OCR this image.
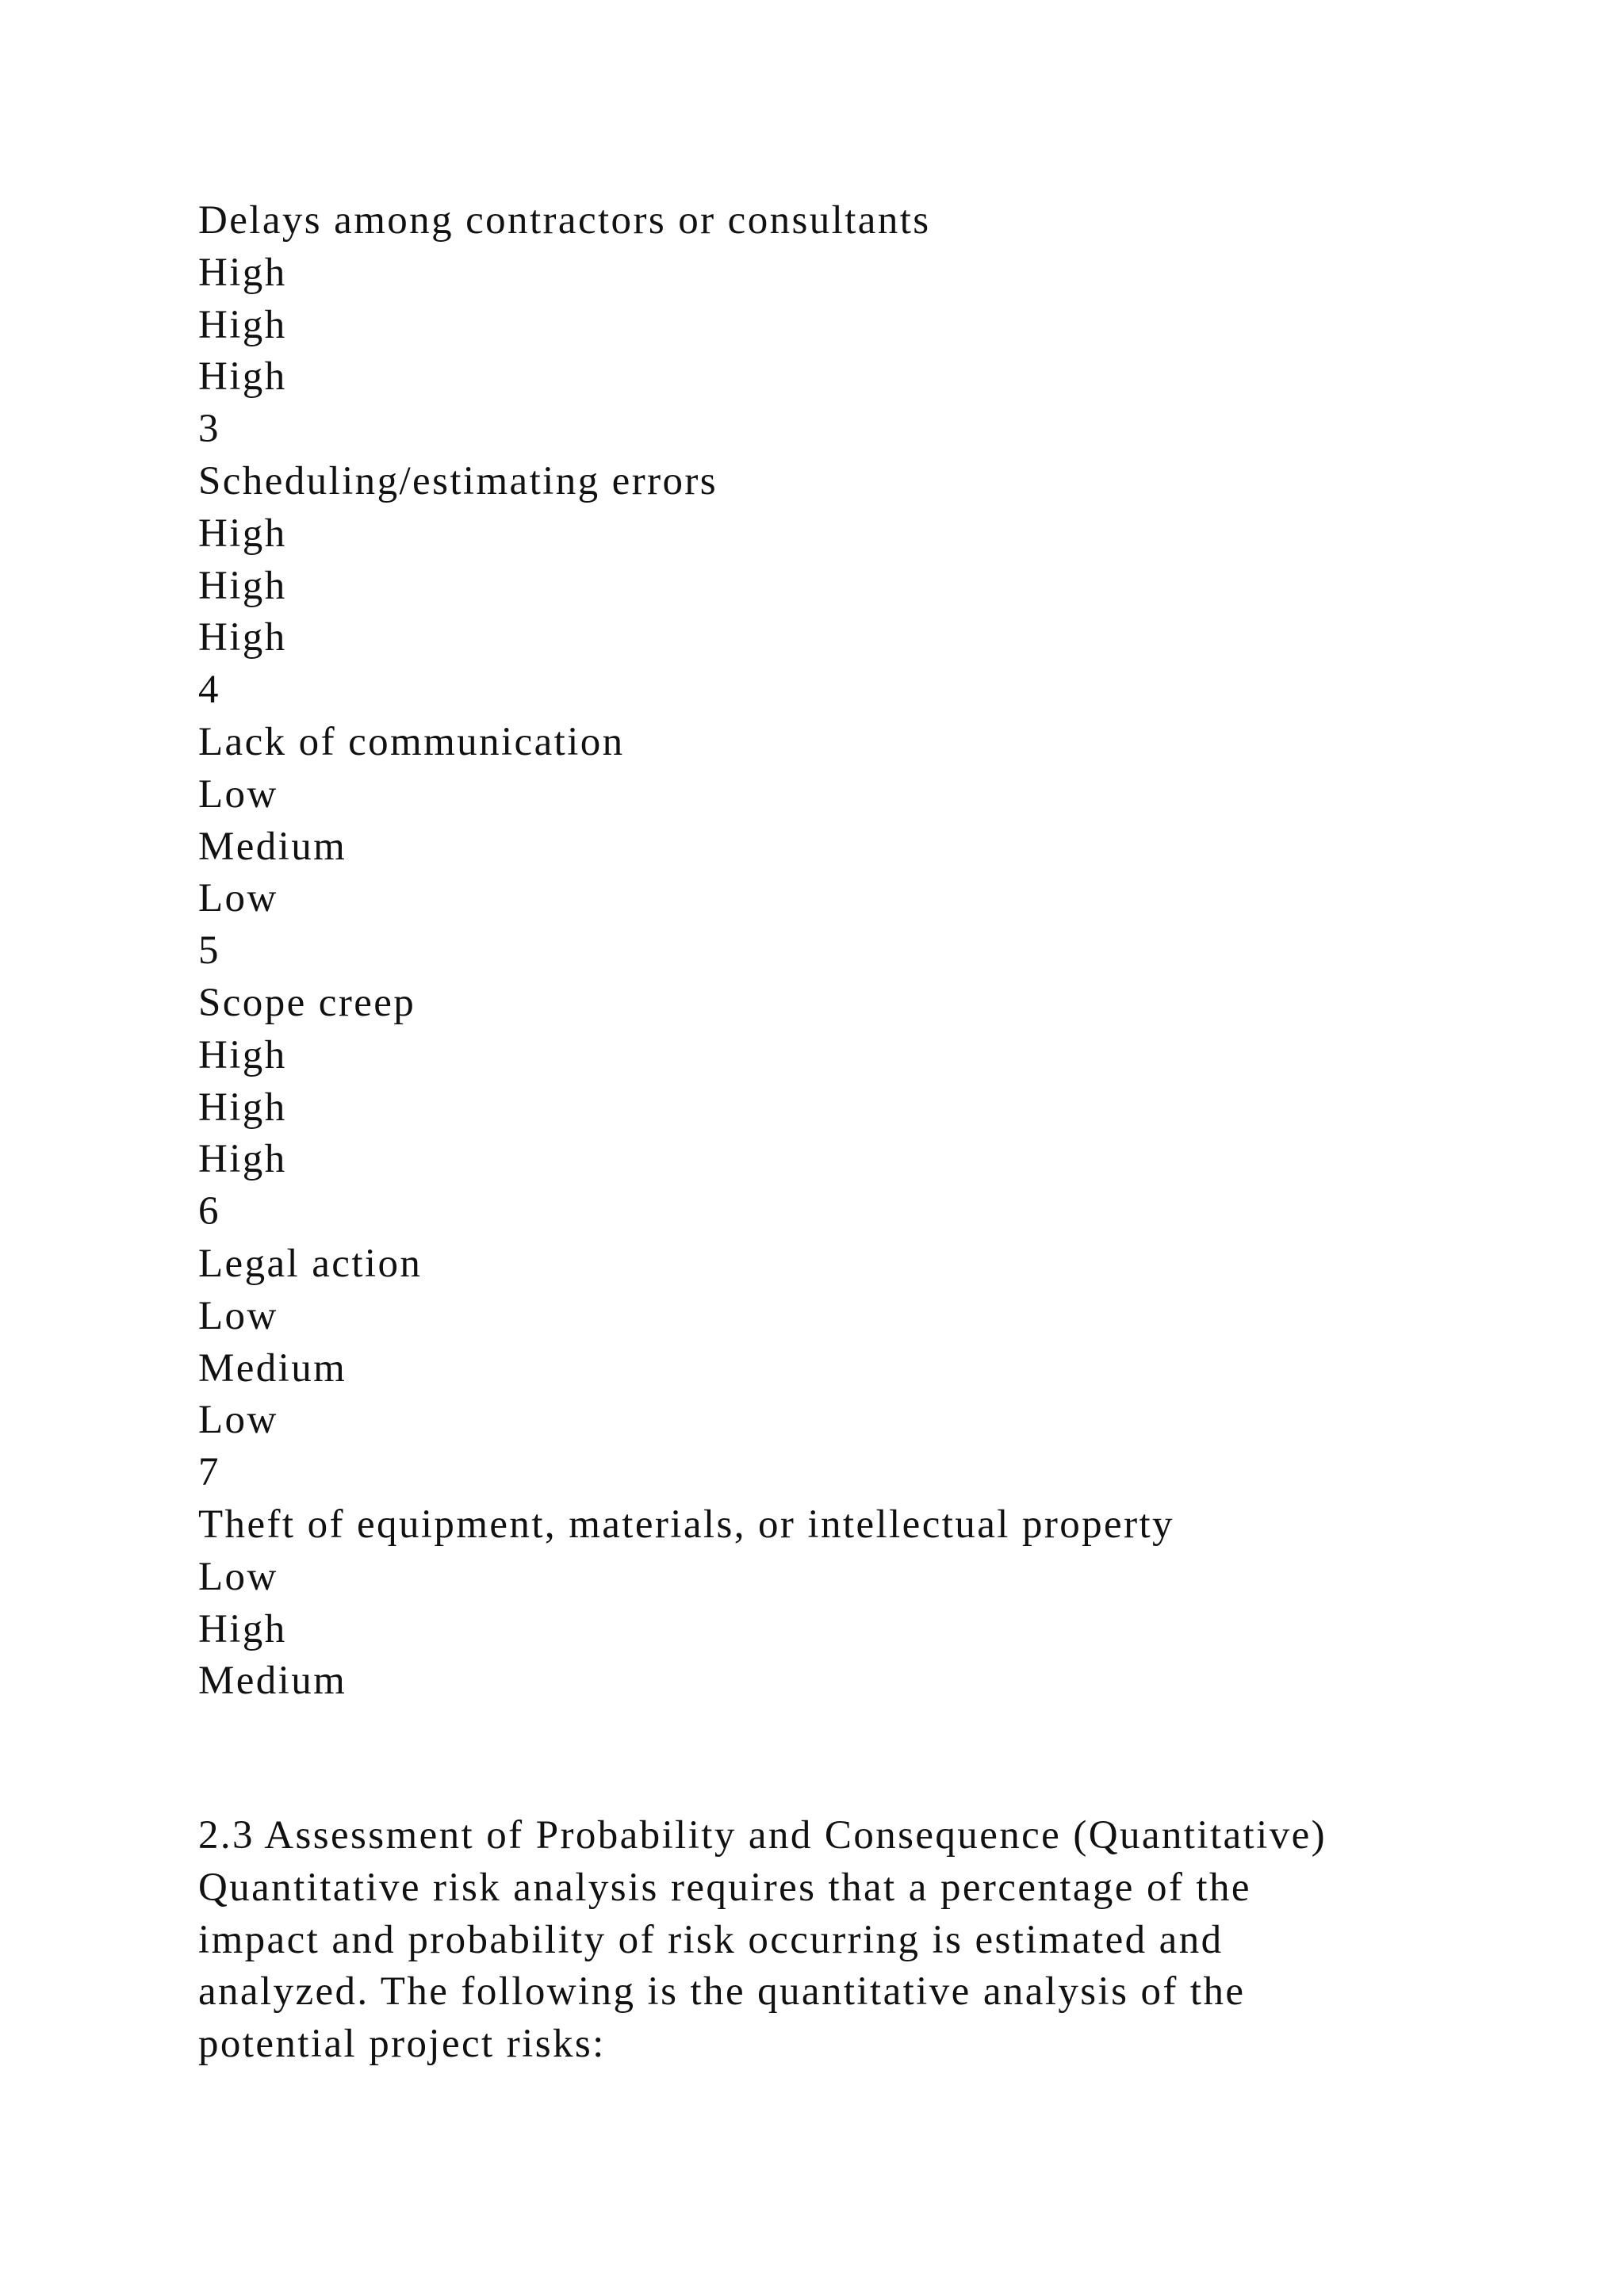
Delays among contractors or consultants
High
High
High
3
Scheduling/estimating errors
High
High
High
4
Lack of communication
Low
Medium
Low
5
Scope creep
High
High
High
6
Legal action
Low
Medium
Low
7
Theft of equipment, materials, or intellectual property
Low
High
Medium
2.3 Assessment of Probability and Consequence (Quantitative)
Quantitative risk analysis requires that a percentage of the
impact and probability of risk occurring is estimated and
analyzed. The following is the quantitative analysis of the
potential project risks:
